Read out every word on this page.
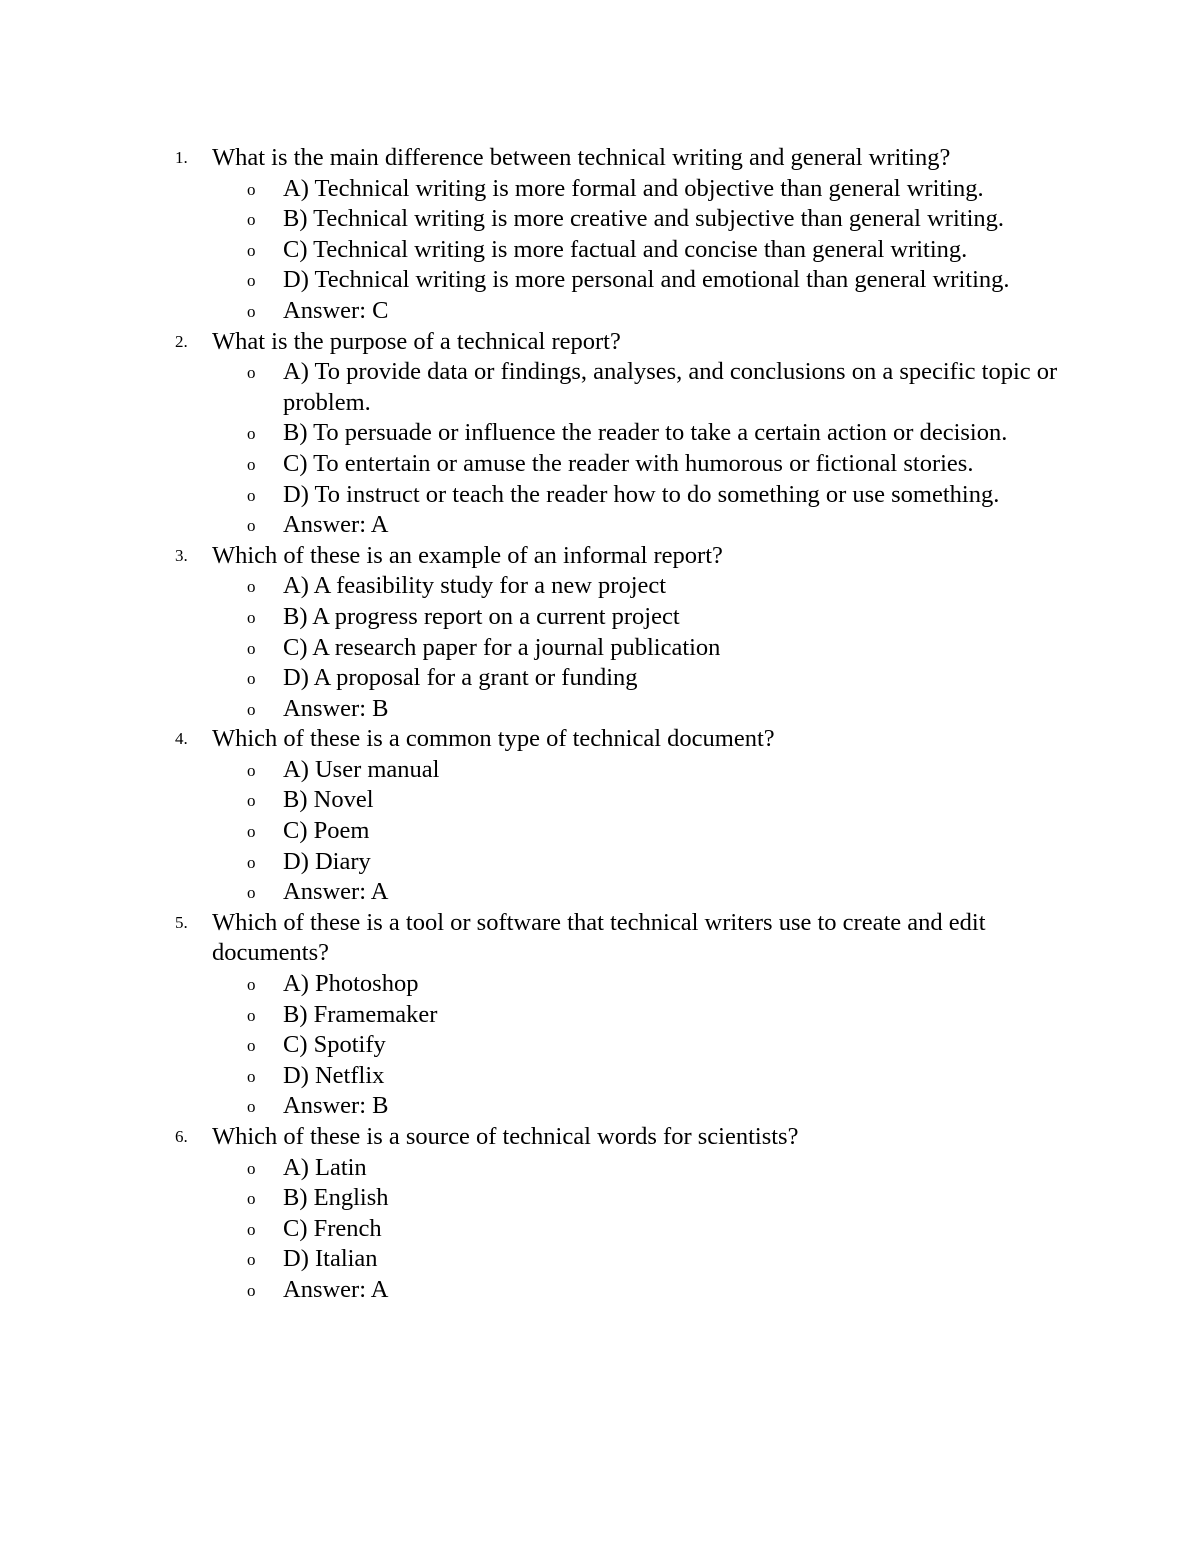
1. What is the main difference between technical writing and general writing?
o A) Technical writing is more formal and objective than general writing.
o B) Technical writing is more creative and subjective than general writing.
o C) Technical writing is more factual and concise than general writing.
o D) Technical writing is more personal and emotional than general writing.
o Answer: C
2. What is the purpose of a technical report?
o A) To provide data or findings, analyses, and conclusions on a specific topic or problem.
o B) To persuade or influence the reader to take a certain action or decision.
o C) To entertain or amuse the reader with humorous or fictional stories.
o D) To instruct or teach the reader how to do something or use something.
o Answer: A
3. Which of these is an example of an informal report?
o A) A feasibility study for a new project
o B) A progress report on a current project
o C) A research paper for a journal publication
o D) A proposal for a grant or funding
o Answer: B
4. Which of these is a common type of technical document?
o A) User manual
o B) Novel
o C) Poem
o D) Diary
o Answer: A
5. Which of these is a tool or software that technical writers use to create and edit documents?
o A) Photoshop
o B) Framemaker
o C) Spotify
o D) Netflix
o Answer: B
6. Which of these is a source of technical words for scientists?
o A) Latin
o B) English
o C) French
o D) Italian
o Answer: A
